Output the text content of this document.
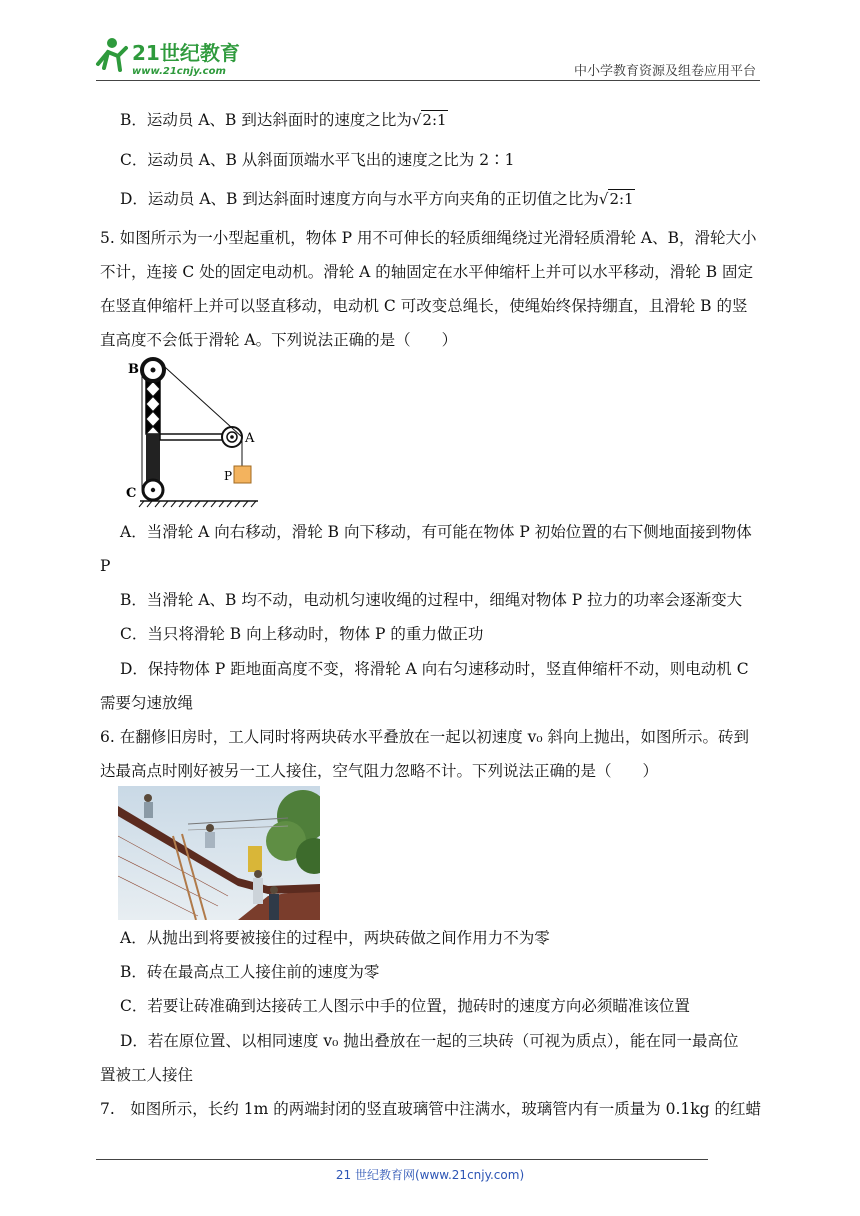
21世纪教育
www.21cnjy.com	中小学教育资源及组卷应用平台
B．运动员 A、B 到达斜面时的速度之比为√2:1
C．运动员 A、B 从斜面顶端水平飞出的速度之比为 2∶1
D．运动员 A、B 到达斜面时速度方向与水平方向夹角的正切值之比为√2:1
5. 如图所示为一小型起重机，物体 P 用不可伸长的轻质细绳绕过光滑轻质滑轮 A、B，滑轮大小
不计，连接 C 处的固定电动机。滑轮 A 的轴固定在水平伸缩杆上并可以水平移动，滑轮 B 固定
在竖直伸缩杆上并可以竖直移动，电动机 C 可改变总绳长，使绳始终保持绷直，且滑轮 B 的竖
直高度不会低于滑轮 A。下列说法正确的是（　　）
B
A
P
C
A．当滑轮 A 向右移动，滑轮 B 向下移动，有可能在物体 P 初始位置的右下侧地面接到物体
P
B．当滑轮 A、B 均不动，电动机匀速收绳的过程中，细绳对物体 P 拉力的功率会逐渐变大
C．当只将滑轮 B 向上移动时，物体 P 的重力做正功
D．保持物体 P 距地面高度不变，将滑轮 A 向右匀速移动时，竖直伸缩杆不动，则电动机 C
需要匀速放绳
6. 在翻修旧房时，工人同时将两块砖水平叠放在一起以初速度 v₀ 斜向上抛出，如图所示。砖到
达最高点时刚好被另一工人接住，空气阻力忽略不计。下列说法正确的是（　　）
A．从抛出到将要被接住的过程中，两块砖做之间作用力不为零
B．砖在最高点工人接住前的速度为零
C．若要让砖准确到达接砖工人图示中手的位置，抛砖时的速度方向必须瞄准该位置
D．若在原位置、以相同速度 v₀ 抛出叠放在一起的三块砖（可视为质点），能在同一最高位
置被工人接住
7.　如图所示，长约 1m 的两端封闭的竖直玻璃管中注满水，玻璃管内有一质量为 0.1kg 的红蜡
21 世纪教育网(www.21cnjy.com)
